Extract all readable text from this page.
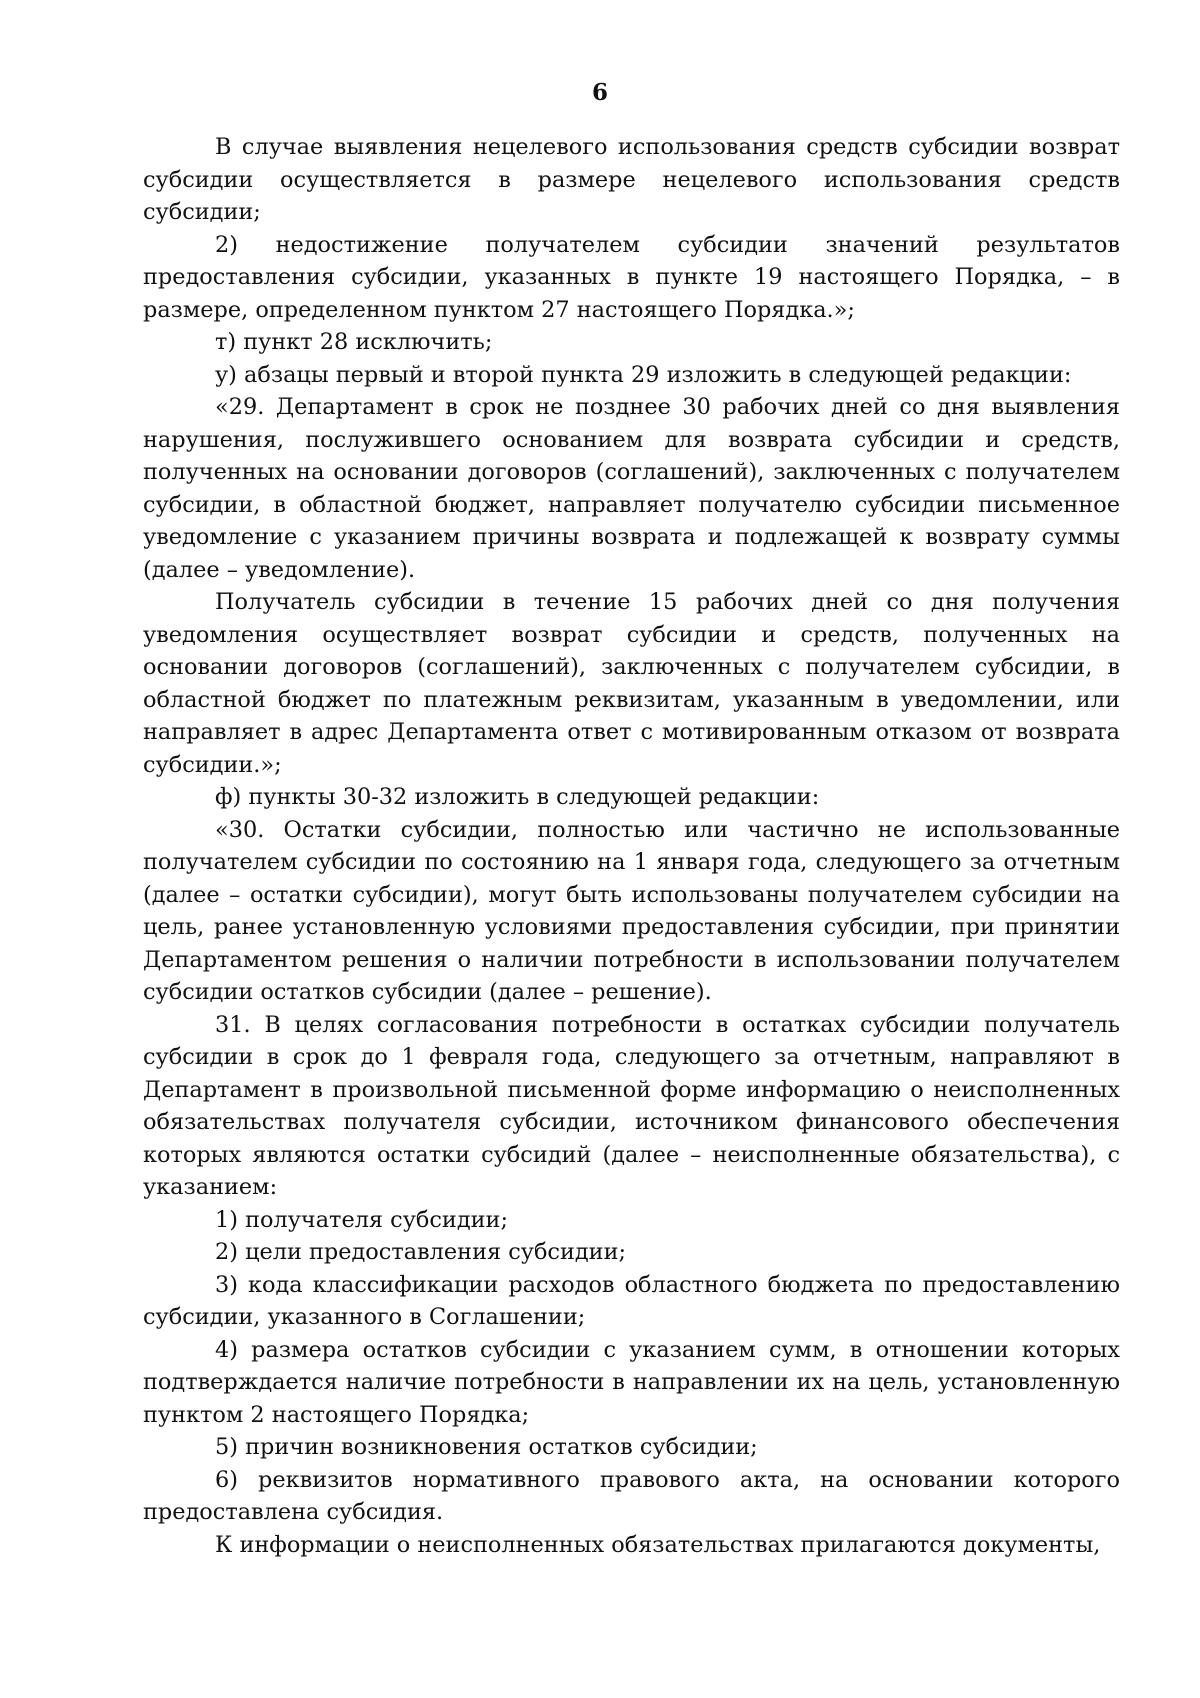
6

В случае выявления нецелевого использования средств субсидии возврат субсидии осуществляется в размере нецелевого использования средств субсидии;

2) недостижение получателем субсидии значений результатов предоставления субсидии, указанных в пункте 19 настоящего Порядка, – в размере, определенном пунктом 27 настоящего Порядка.»;

т) пункт 28 исключить;

у) абзацы первый и второй пункта 29 изложить в следующей редакции:

«29. Департамент в срок не позднее 30 рабочих дней со дня выявления нарушения, послужившего основанием для возврата субсидии и средств, полученных на основании договоров (соглашений), заключенных с получателем субсидии, в областной бюджет, направляет получателю субсидии письменное уведомление с указанием причины возврата и подлежащей к возврату суммы (далее – уведомление).

Получатель субсидии в течение 15 рабочих дней со дня получения уведомления осуществляет возврат субсидии и средств, полученных на основании договоров (соглашений), заключенных с получателем субсидии, в областной бюджет по платежным реквизитам, указанным в уведомлении, или направляет в адрес Департамента ответ с мотивированным отказом от возврата субсидии.»;

ф) пункты 30-32 изложить в следующей редакции:

«30. Остатки субсидии, полностью или частично не использованные получателем субсидии по состоянию на 1 января года, следующего за отчетным (далее – остатки субсидии), могут быть использованы получателем субсидии на цель, ранее установленную условиями предоставления субсидии, при принятии Департаментом решения о наличии потребности в использовании получателем субсидии остатков субсидии (далее – решение).

31. В целях согласования потребности в остатках субсидии получатель субсидии в срок до 1 февраля года, следующего за отчетным, направляют в Департамент в произвольной письменной форме информацию о неисполненных обязательствах получателя субсидии, источником финансового обеспечения которых являются остатки субсидий (далее – неисполненные обязательства), с указанием:

1) получателя субсидии;

2) цели предоставления субсидии;

3) кода классификации расходов областного бюджета по предоставлению субсидии, указанного в Соглашении;

4) размера остатков субсидии с указанием сумм, в отношении которых подтверждается наличие потребности в направлении их на цель, установленную пунктом 2 настоящего Порядка;

5) причин возникновения остатков субсидии;

6) реквизитов нормативного правового акта, на основании которого предоставлена субсидия.

К информации о неисполненных обязательствах прилагаются документы,
